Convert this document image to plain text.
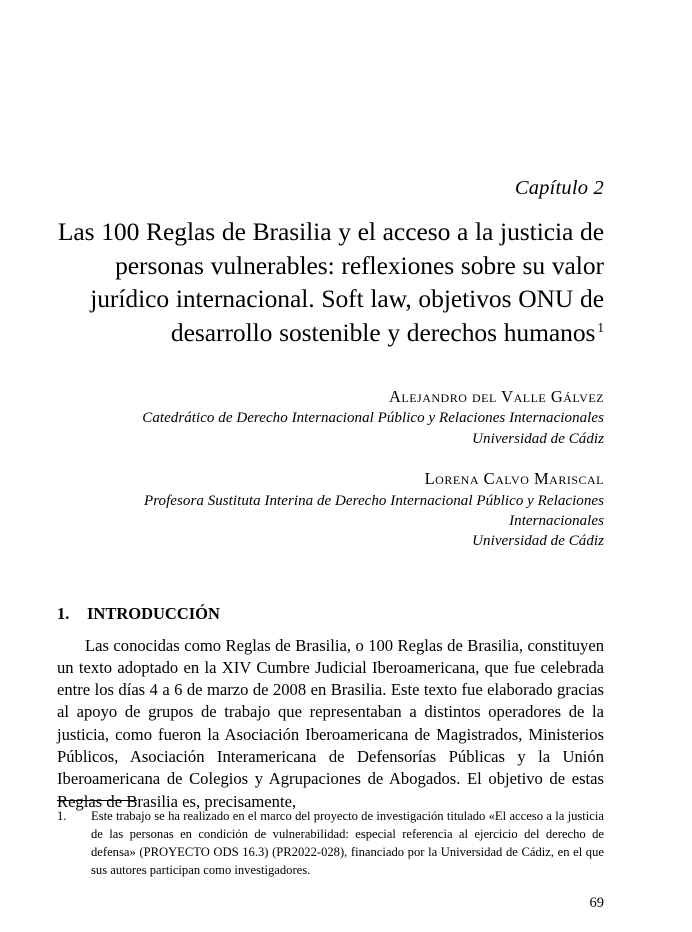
Capítulo 2
Las 100 Reglas de Brasilia y el acceso a la justicia de personas vulnerables: reflexiones sobre su valor jurídico internacional. Soft law, objetivos ONU de desarrollo sostenible y derechos humanos $^1$
Alejandro del Valle Gálvez
Catedrático de Derecho Internacional Público y Relaciones Internacionales
Universidad de Cádiz
Lorena Calvo Mariscal
Profesora Sustituta Interina de Derecho Internacional Público y Relaciones Internacionales
Universidad de Cádiz
1.	INTRODUCCIÓN

Las conocidas como Reglas de Brasilia, o 100 Reglas de Brasilia, constituyen un texto adoptado en la XIV Cumbre Judicial Iberoamericana, que fue celebrada entre los días 4 a 6 de marzo de 2008 en Brasilia. Este texto fue elaborado gracias al apoyo de grupos de trabajo que representaban a distintos operadores de la justicia, como fueron la Asociación Iberoamericana de Magistrados, Ministerios Públicos, Asociación Interamericana de Defensorías Públicas y la Unión Iberoamericana de Colegios y Agrupaciones de Abogados. El objetivo de estas Reglas de Brasilia es, precisamente,

1.	Este trabajo se ha realizado en el marco del proyecto de investigación titulado «El acceso a la justicia de las personas en condición de vulnerabilidad: especial referencia al ejercicio del derecho de defensa» (PROYECTO ODS 16.3) (PR2022-028), financiado por la Universidad de Cádiz, en el que sus autores participan como investigadores.
69
